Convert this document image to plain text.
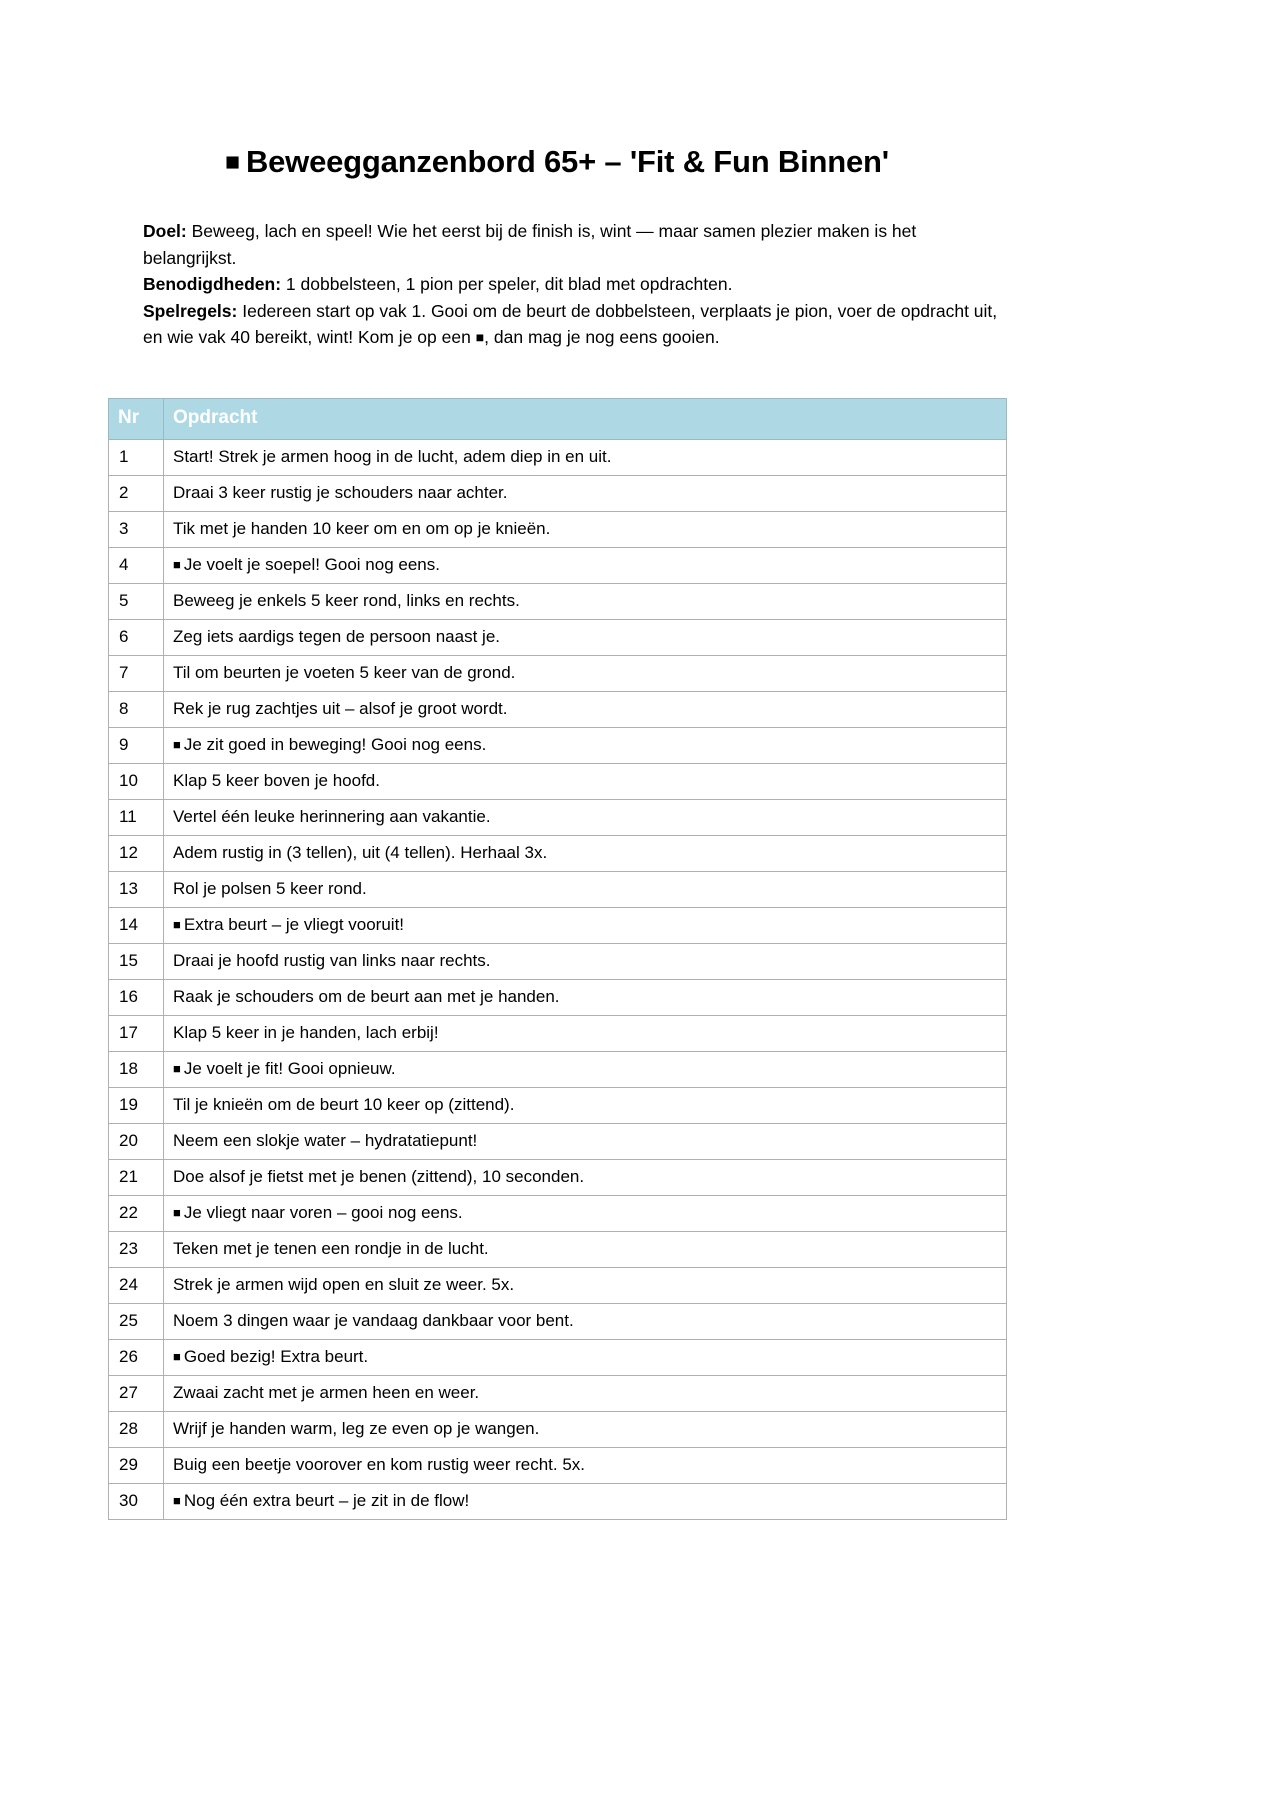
■ Beweegganzenbord 65+ – 'Fit & Fun Binnen'

Doel: Beweeg, lach en speel! Wie het eerst bij de finish is, wint — maar samen plezier maken is het belangrijkst.

Benodigdheden: 1 dobbelsteen, 1 pion per speler, dit blad met opdrachten.

Spelregels: Iedereen start op vak 1. Gooi om de beurt de dobbelsteen, verplaats je pion, voer de opdracht uit, en wie vak 40 bereikt, wint! Kom je op een ■, dan mag je nog eens gooien.

Nr	Opdracht
1	Start! Strek je armen hoog in de lucht, adem diep in en uit.
2	Draai 3 keer rustig je schouders naar achter.
3	Tik met je handen 10 keer om en om op je knieën.
4	■ Je voelt je soepel! Gooi nog eens.
5	Beweeg je enkels 5 keer rond, links en rechts.
6	Zeg iets aardigs tegen de persoon naast je.
7	Til om beurten je voeten 5 keer van de grond.
8	Rek je rug zachtjes uit – alsof je groot wordt.
9	■ Je zit goed in beweging! Gooi nog eens.
10	Klap 5 keer boven je hoofd.
11	Vertel één leuke herinnering aan vakantie.
12	Adem rustig in (3 tellen), uit (4 tellen). Herhaal 3x.
13	Rol je polsen 5 keer rond.
14	■ Extra beurt – je vliegt vooruit!
15	Draai je hoofd rustig van links naar rechts.
16	Raak je schouders om de beurt aan met je handen.
17	Klap 5 keer in je handen, lach erbij!
18	■ Je voelt je fit! Gooi opnieuw.
19	Til je knieën om de beurt 10 keer op (zittend).
20	Neem een slokje water – hydratatiepunt!
21	Doe alsof je fietst met je benen (zittend), 10 seconden.
22	■ Je vliegt naar voren – gooi nog eens.
23	Teken met je tenen een rondje in de lucht.
24	Strek je armen wijd open en sluit ze weer. 5x.
25	Noem 3 dingen waar je vandaag dankbaar voor bent.
26	■ Goed bezig! Extra beurt.
27	Zwaai zacht met je armen heen en weer.
28	Wrijf je handen warm, leg ze even op je wangen.
29	Buig een beetje voorover en kom rustig weer recht. 5x.
30	■ Nog één extra beurt – je zit in de flow!
